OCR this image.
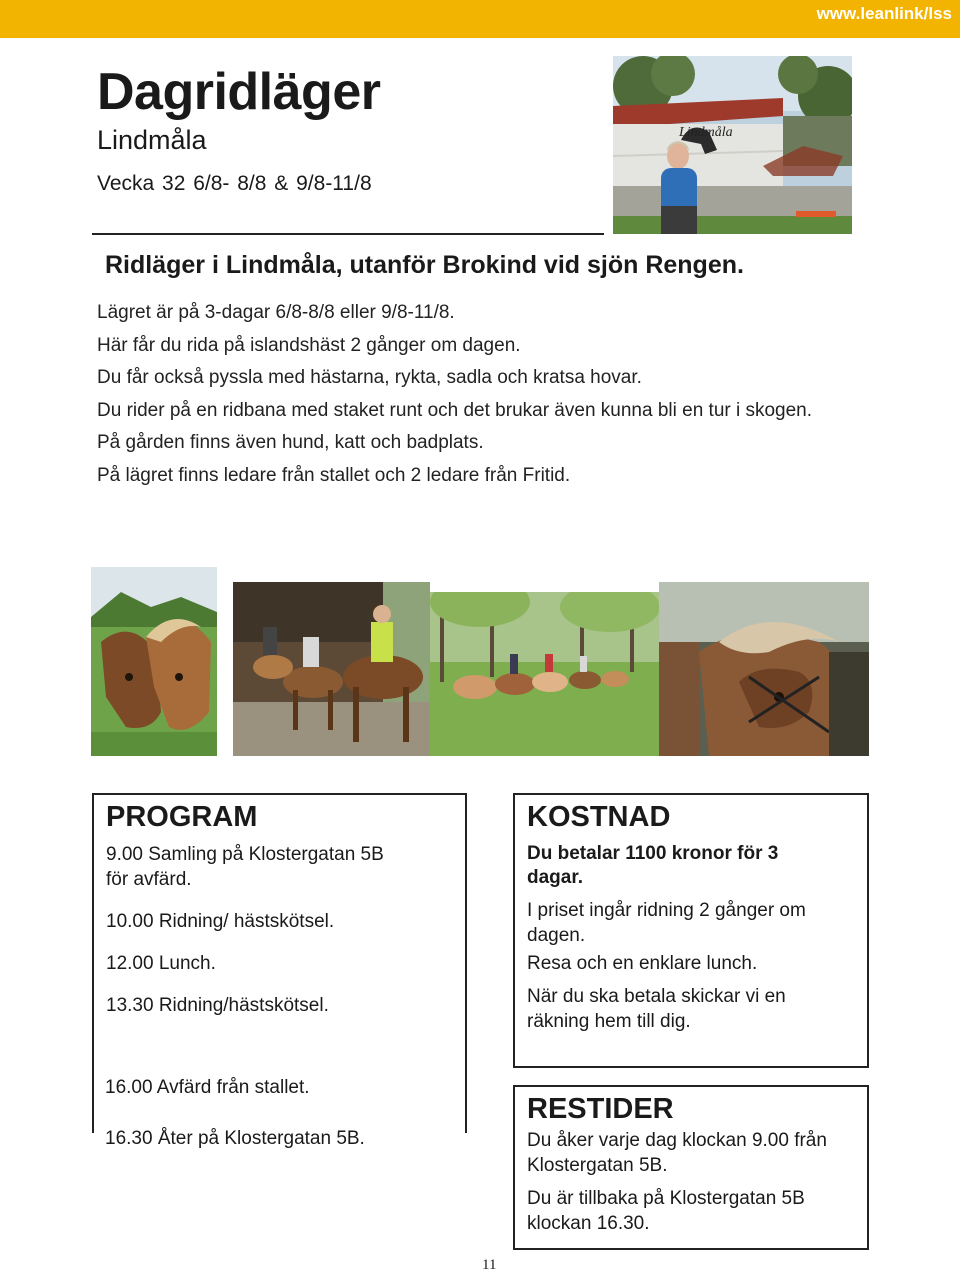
www.leanlink/lss
Dagridläger
Lindmåla
Vecka 32 6/8- 8/8 & 9/8-11/8
Lindmåla
Ridläger i Lindmåla, utanför Brokind vid sjön Rengen.

Lägret är på 3-dagar 6/8-8/8 eller 9/8-11/8.

Här får du rida på islandshäst 2 gånger om dagen.

Du får också pyssla med hästarna, rykta, sadla och kratsa hovar.

Du rider på en ridbana med staket runt och det brukar även kunna bli en tur i skogen.

På gården finns även hund, katt och badplats.

På lägret finns ledare från stallet och 2 ledare från Fritid.

PROGRAM
9.00 Samling på Klostergatan 5B för avfärd.
10.00 Ridning/ hästskötsel.
12.00 Lunch.
13.30 Ridning/hästskötsel.
16.00 Avfärd från stallet.
16.30 Åter på Klostergatan 5B.
KOSTNAD
Du betalar 1100 kronor för 3 dagar.
I priset ingår ridning 2 gånger om dagen.
Resa och en enklare lunch.
När du ska betala skickar vi en räkning hem till dig.
RESTIDER
Du åker varje dag klockan 9.00 från Klostergatan 5B.
Du är tillbaka på Klostergatan 5B klockan 16.30.
11
